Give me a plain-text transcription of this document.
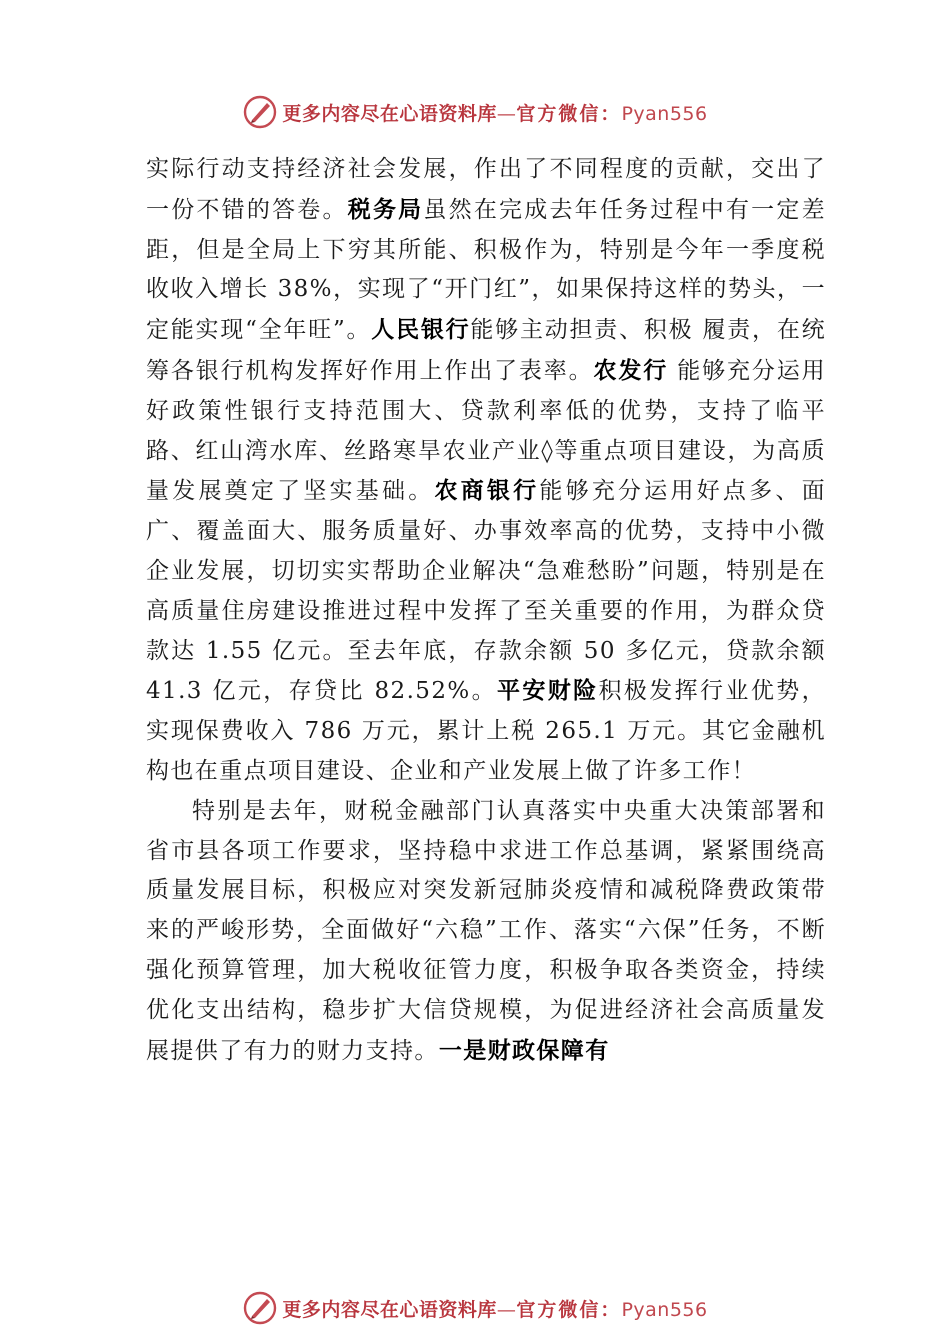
更多内容尽在心语资料库—官方微信：Pyan556

实际行动支持经济社会发展，作出了不同程度的贡献，交出了一份不错的答卷。税务局虽然在完成去年任务过程中有一定差距，但是全局上下穷其所能、积极作为，特别是今年一季度税收收入增长 38%，实现了“开门红”，如果保持这样的势头，一定能实现“全年旺”。人民银行能够主动担责、积极 履责，在统筹各银行机构发挥好作用上作出了表率。农发行 能够充分运用好政策性银行支持范围大、贷款利率低的优势，支持了临平路、红山湾水库、丝路寒旱农业产业◊等重点项目建设，为高质量发展奠定了坚实基础。农商银行能够充分运用好点多、面广、覆盖面大、服务质量好、办事效率高的优势，支持中小微企业发展，切切实实帮助企业解决“急难愁盼”问题，特别是在高质量住房建设推进过程中发挥了至关重要的作用，为群众贷款达 1.55 亿元。至去年底，存款余额 50 多亿元，贷款余额 41.3 亿元，存贷比 82.52%。平安财险积极发挥行业优势，实现保费收入 786 万元，累计上税 265.1 万元。其它金融机构也在重点项目建设、企业和产业发展上做了许多工作！

特别是去年，财税金融部门认真落实中央重大决策部署和省市县各项工作要求，坚持稳中求进工作总基调，紧紧围绕高质量发展目标，积极应对突发新冠肺炎疫情和减税降费政策带来的严峻形势，全面做好“六稳”工作、落实“六保”任务，不断强化预算管理，加大税收征管力度，积极争取各类资金，持续优化支出结构，稳步扩大信贷规模，为促进经济社会高质量发展提供了有力的财力支持。一是财政保障有

更多内容尽在心语资料库—官方微信：Pyan556
